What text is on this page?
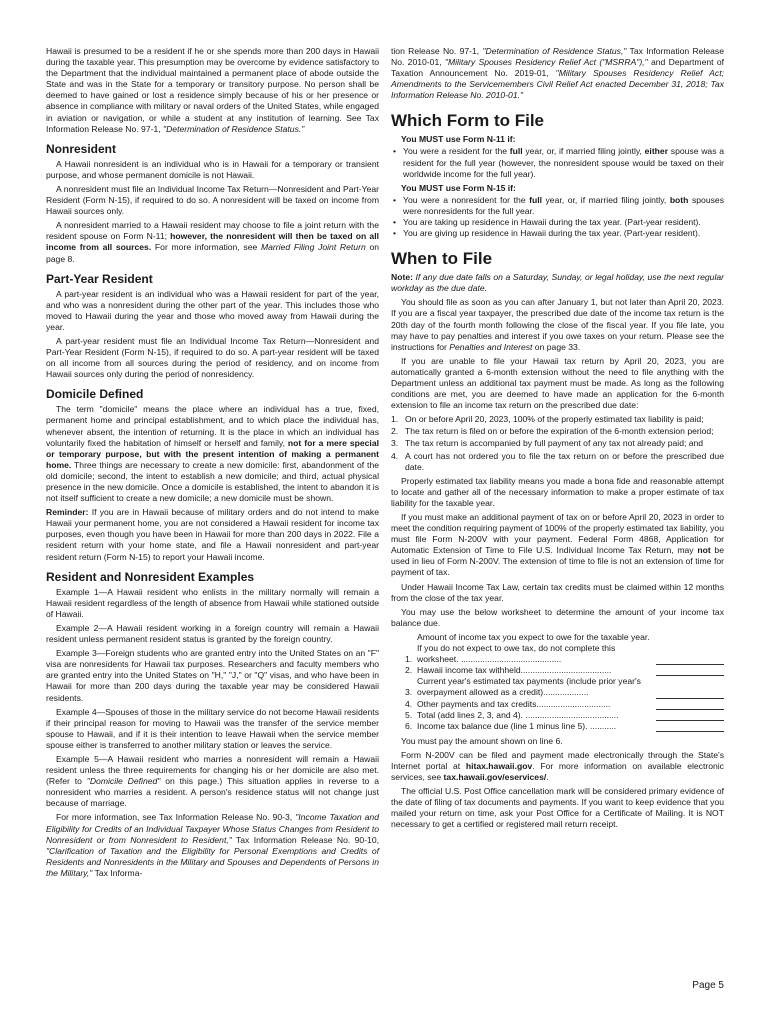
Hawaii is presumed to be a resident if he or she spends more than 200 days in Hawaii during the taxable year. This presumption may be overcome by evidence satisfactory to the Department that the individual maintained a permanent place of abode outside the State and was in the State for a temporary or transitory purpose. No person shall be deemed to have gained or lost a residence simply because of his or her presence or absence in compliance with military or naval orders of the United States, while engaged in aviation or navigation, or while a student at any institution of learning. See Tax Information Release No. 97-1, "Determination of Residence Status."

Nonresident

A Hawaii nonresident is an individual who is in Hawaii for a temporary or transient purpose, and whose permanent domicile is not Hawaii.

A nonresident must file an Individual Income Tax Return—Nonresident and Part-Year Resident (Form N-15), if required to do so. A nonresident will be taxed on income from Hawaii sources only.

A nonresident married to a Hawaii resident may choose to file a joint return with the resident spouse on Form N-11; however, the nonresident will then be taxed on all income from all sources. For more information, see Married Filing Joint Return on page 8.

Part-Year Resident

A part-year resident is an individual who was a Hawaii resident for part of the year, and who was a nonresident during the other part of the year. This includes those who moved to Hawaii during the year and those who moved away from Hawaii during the year.

A part-year resident must file an Individual Income Tax Return—Nonresident and Part-Year Resident (Form N-15), if required to do so. A part-year resident will be taxed on all income from all sources during the period of residency, and on income from Hawaii sources only during the period of nonresidency.

Domicile Defined

The term "domicile" means the place where an individual has a true, fixed, permanent home and principal establishment, and to which place the individual has, whenever absent, the intention of returning. It is the place in which an individual has voluntarily fixed the habitation of himself or herself and family, not for a mere special or temporary purpose, but with the present intention of making a permanent home. Three things are necessary to create a new domicile: first, abandonment of the old domicile; second, the intent to establish a new domicile; and third, actual physical presence in the new domicile. Once a domicile is established, the intent to abandon it is not itself sufficient to create a new domicile; a new domicile must be shown.

Reminder: If you are in Hawaii because of military orders and do not intend to make Hawaii your permanent home, you are not considered a Hawaii resident for income tax purposes, even though you have been in Hawaii for more than 200 days in 2022. File a resident return with your home state, and file a Hawaii nonresident and part-year resident return (Form N-15) to report your Hawaii income.

Resident and Nonresident Examples

Example 1—A Hawaii resident who enlists in the military normally will remain a Hawaii resident regardless of the length of absence from Hawaii while stationed outside of Hawaii.

Example 2—A Hawaii resident working in a foreign country will remain a Hawaii resident unless permanent resident status is granted by the foreign country.

Example 3—Foreign students who are granted entry into the United States on an "F" visa are nonresidents for Hawaii tax purposes. Researchers and faculty members who are granted entry into the United States on "H," "J," or "Q" visas, and who have been in Hawaii for more than 200 days during the taxable year may be considered Hawaii residents.

Example 4—Spouses of those in the military service do not become Hawaii residents if their principal reason for moving to Hawaii was the transfer of the service member spouse to Hawaii, and if it is their intention to leave Hawaii when the service member spouse either is transferred to another military station or leaves the service.

Example 5—A Hawaii resident who marries a nonresident will remain a Hawaii resident unless the three requirements for changing his or her domicile are also met. (Refer to "Domicile Defined" on this page.) This situation applies in reverse to a nonresident who marries a resident. A person's residence status will not change just because of marriage.

For more information, see Tax Information Release No. 90-3, "Income Taxation and Eligibility for Credits of an Individual Taxpayer Whose Status Changes from Resident to Nonresident or from Nonresident to Resident," Tax Information Release No. 90-10, "Clarification of Taxation and the Eligibility for Personal Exemptions and Credits of Residents and Nonresidents in the Military and Spouses and Dependents of Persons in the Military," Tax Informa-

tion Release No. 97-1, "Determination of Residence Status," Tax Information Release No. 2010-01, "Military Spouses Residency Relief Act ("MSRRA")," and Department of Taxation Announcement No. 2019-01, "Military Spouses Residency Relief Act; Amendments to the Servicemembers Civil Relief Act enacted December 31, 2018; Tax Information Release No. 2010-01."

Which Form to File
You MUST use Form N-11 if:
• You were a resident for the full year, or, if married filing jointly, either spouse was a resident for the full year (however, the nonresident spouse would be taxed on their worldwide income for the full year).
You MUST use Form N-15 if:
• You were a nonresident for the full year, or, if married filing jointly, both spouses were nonresidents for the full year.
• You are taking up residence in Hawaii during the tax year. (Part-year resident).
• You are giving up residence in Hawaii during the tax year. (Part-year resident).
When to File

Note: If any due date falls on a Saturday, Sunday, or legal holiday, use the next regular workday as the due date.

You should file as soon as you can after January 1, but not later than April 20, 2023. If you are a fiscal year taxpayer, the prescribed due date of the income tax return is the 20th day of the fourth month following the close of the fiscal year. If you file late, you may have to pay penalties and interest if you owe taxes on your return. Please see the instructions for Penalties and Interest on page 33.

If you are unable to file your Hawaii tax return by April 20, 2023, you are automatically granted a 6-month extension without the need to file anything with the Department unless an additional tax payment must be made. As long as the following conditions are met, you are deemed to have made an application for the 6-month extension to file an income tax return on the prescribed due date:

1. On or before April 20, 2023, 100% of the properly estimated tax liability is paid;
2. The tax return is filed on or before the expiration of the 6-month extension period;
3. The tax return is accompanied by full payment of any tax not already paid; and
4. A court has not ordered you to file the tax return on or before the prescribed due date.

Properly estimated tax liability means you made a bona fide and reasonable attempt to locate and gather all of the necessary information to make a proper estimate of tax liability for the taxable year.

If you must make an additional payment of tax on or before April 20, 2023 in order to meet the condition requiring payment of 100% of the properly estimated tax liability, you must file Form N-200V with your payment. Federal Form 4868, Application for Automatic Extension of Time to File U.S. Individual Income Tax Return, may not be used in lieu of Form N-200V. The extension of time to file is not an extension of time for payment of tax.

Under Hawaii Income Tax Law, certain tax credits must be claimed within 12 months from the close of the tax year.

You may use the below worksheet to determine the amount of your income tax balance due.

1.
Amount of income tax you expect to owe for the taxable year. If you do not expect to owe tax, do not complete this worksheet. ..........................................
2. Hawaii income tax withheld......................................
3.
Current year's estimated tax payments (include prior year's overpayment allowed as a credit)...................
4. Other payments and tax credits...............................
5. Total (add lines 2, 3, and 4). .......................................
6. Income tax balance due (line 1 minus line 5). ...........

You must pay the amount shown on line 6.

Form N-200V can be filed and payment made electronically through the State's Internet portal at hitax.hawaii.gov. For more information on available electronic services, see tax.hawaii.gov/eservices/.

The official U.S. Post Office cancellation mark will be considered primary evidence of the date of filing of tax documents and payments. If you want to keep evidence that you mailed your return on time, ask your Post Office for a Certificate of Mailing. It is NOT necessary to get a certified or registered mail return receipt.

Page 5
